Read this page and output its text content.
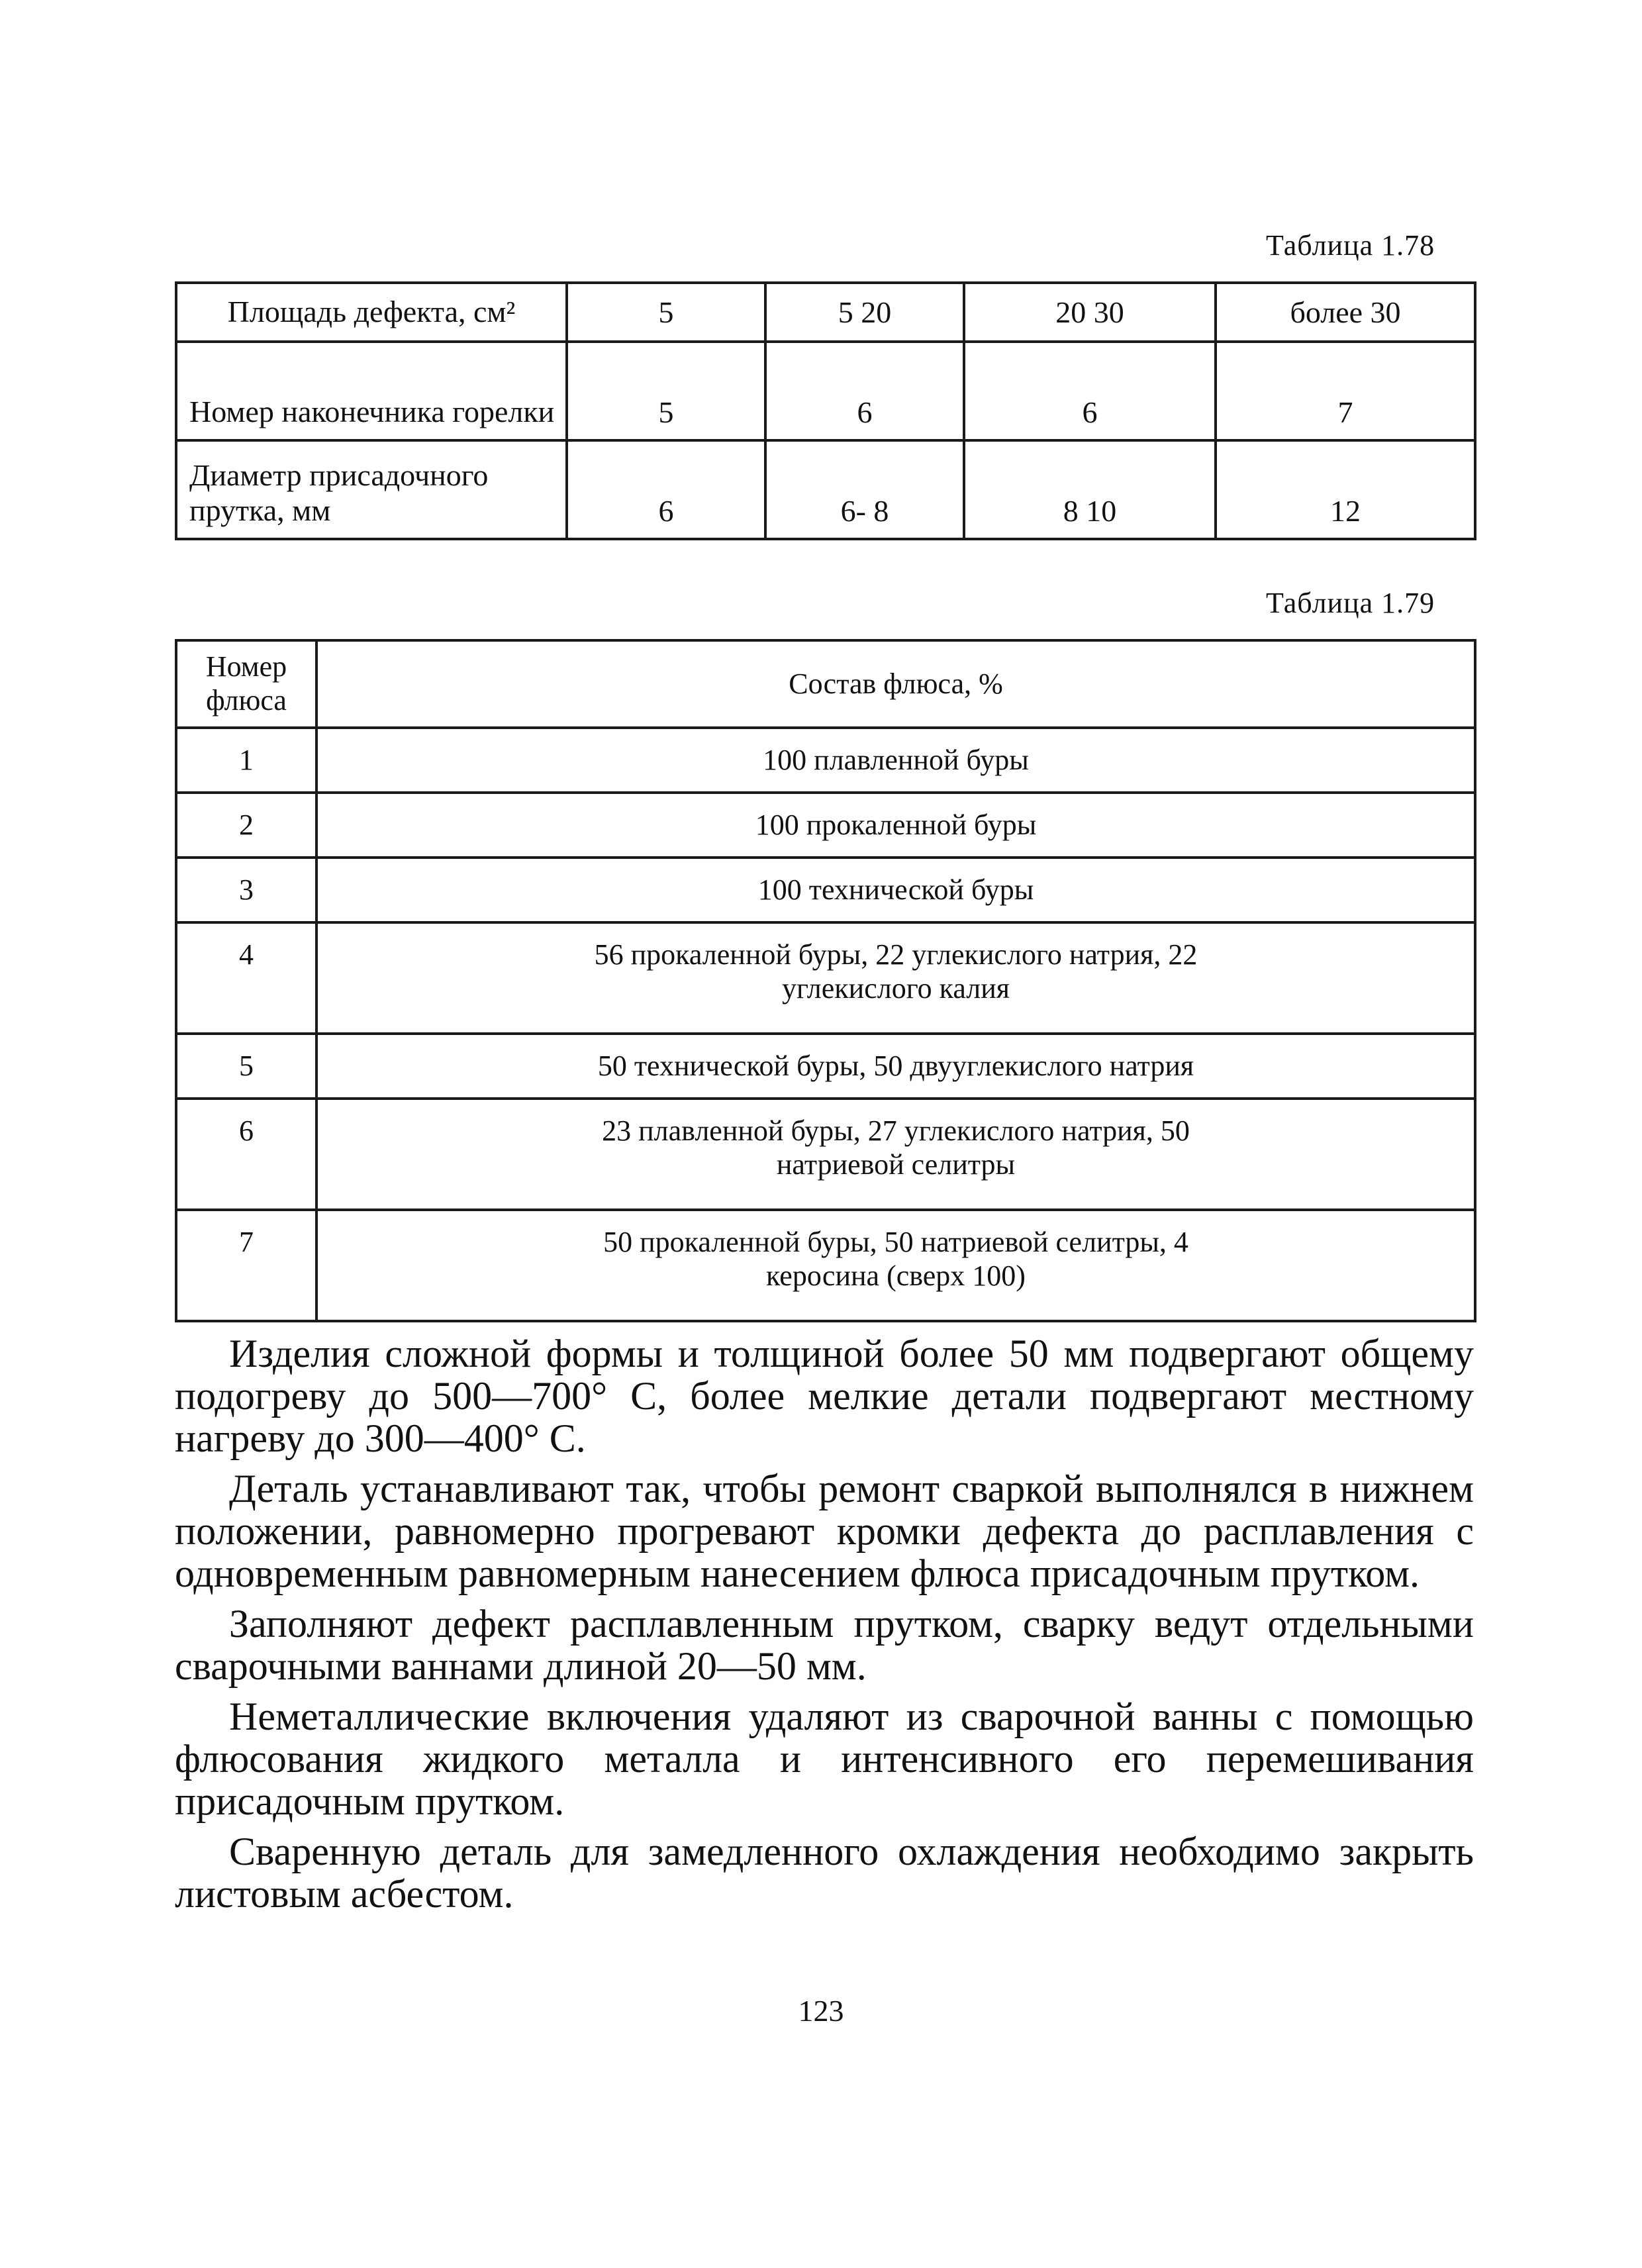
Таблица 1.78
Площадь дефекта, см²	5	5 20	20 30	более 30
Номер наконечника горелки	5	6	6	7
Диаметр присадочного прутка, мм	6	6- 8	8 10	12
Таблица 1.79
Номер флюса	Состав флюса, %
1	100 плавленной буры
2	100 прокаленной буры
3	100 технической буры
4	56 прокаленной буры, 22 углекислого натрия, 22 углекислого калия
5	50 технической буры, 50 двууглекислого натрия
6	23 плавленной буры, 27 углекислого натрия, 50 натриевой селитры
7	50 прокаленной буры, 50 натриевой селитры, 4 керосина (сверх 100)

Изделия сложной формы и толщиной более 50 мм подвергают общему подогреву до 500—700° С, более мелкие детали подвергают местному нагреву до 300—400° С.

Деталь устанавливают так, чтобы ремонт сваркой выполнялся в нижнем положении, равномерно прогревают кромки дефекта до расплавления с одновременным равномерным нанесением флюса присадочным прутком.

Заполняют дефект расплавленным прутком, сварку ведут отдельными сварочными ваннами длиной 20—50 мм.

Неметаллические включения удаляют из сварочной ванны с помощью флюсования жидкого металла и интенсивного его перемешивания присадочным прутком.

Сваренную деталь для замедленного охлаждения необходимо закрыть листовым асбестом.

123
